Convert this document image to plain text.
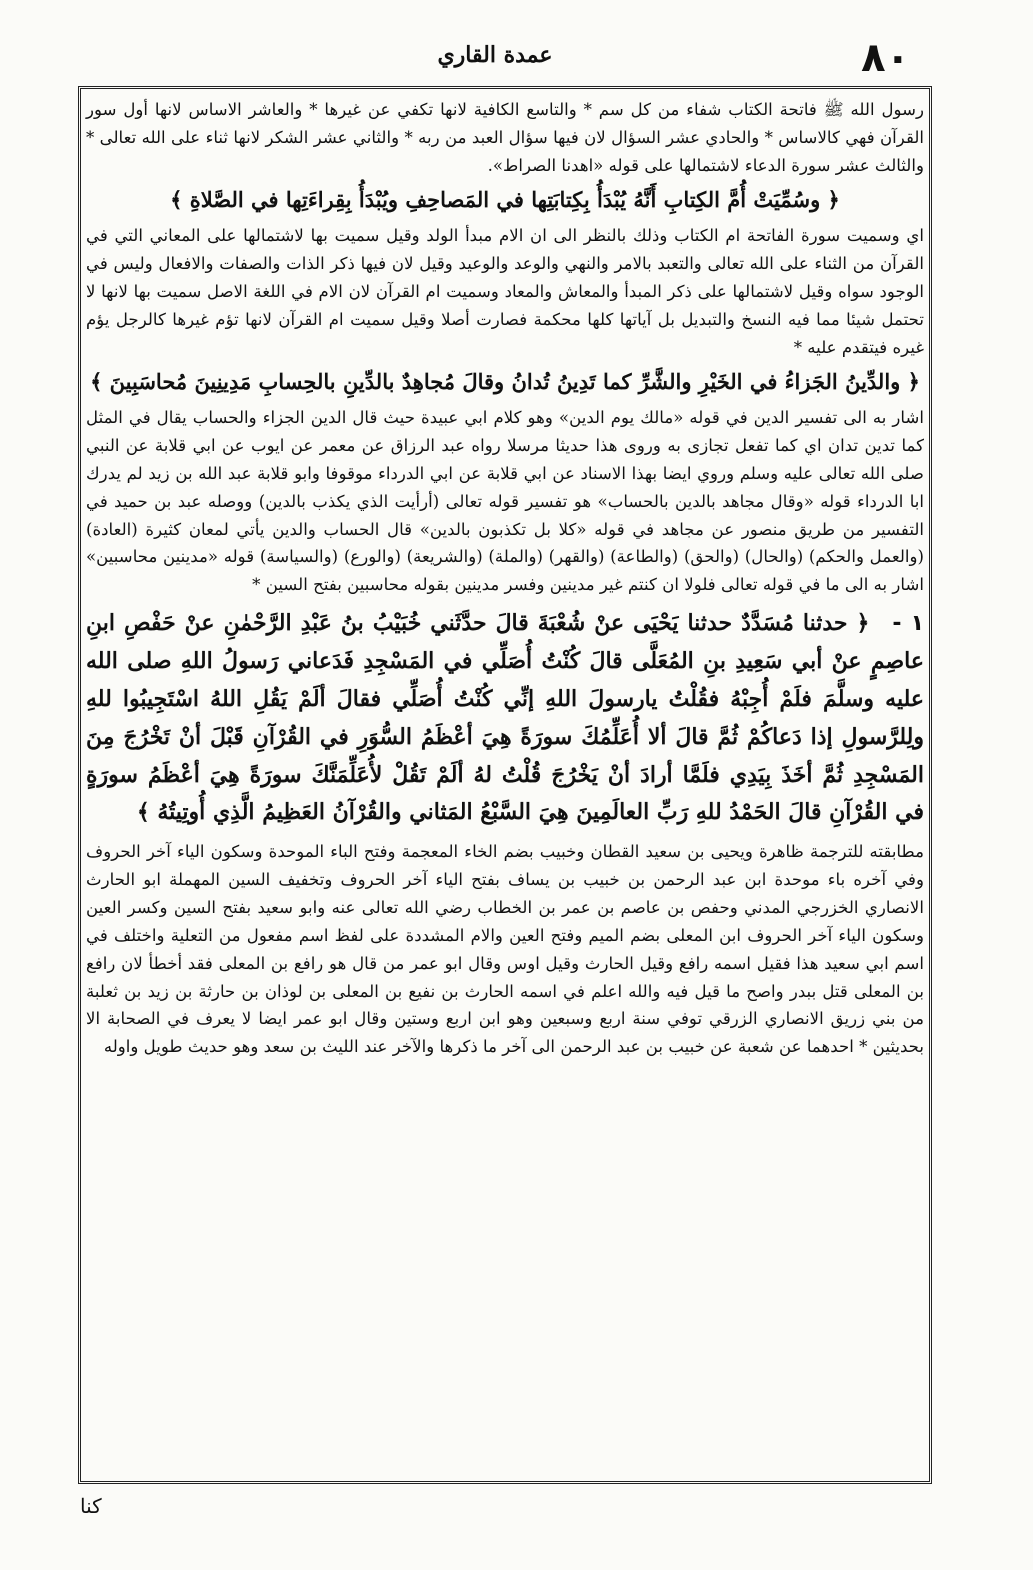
٨٠
عمدة القاري

رسول الله ﷺ فاتحة الكتاب شفاء من كل سم * والتاسع الكافية لانها تكفي عن غيرها * والعاشر الاساس لانها أول سور القرآن فهي كالاساس * والحادي عشر السؤال لان فيها سؤال العبد من ربه * والثاني عشر الشكر لانها ثناء على الله تعالى * والثالث عشر سورة الدعاء لاشتمالها على قوله «اهدنا الصراط».

﴿ وسُمِّيَتْ أُمَّ الكِتابِ أَنَّهُ يُبْدَأُ بِكِتابَتِها في المَصاحِفِ ويُبْدَأُ بِقِراءَتِها في الصَّلاةِ ﴾

اي وسميت سورة الفاتحة ام الكتاب وذلك بالنظر الى ان الام مبدأ الولد وقيل سميت بها لاشتمالها على المعاني التي في القرآن من الثناء على الله تعالى والتعبد بالامر والنهي والوعد والوعيد وقيل لان فيها ذكر الذات والصفات والافعال وليس في الوجود سواه وقيل لاشتمالها على ذكر المبدأ والمعاش والمعاد وسميت ام القرآن لان الام في اللغة الاصل سميت بها لانها لا تحتمل شيئا مما فيه النسخ والتبديل بل آياتها كلها محكمة فصارت أصلا وقيل سميت ام القرآن لانها تؤم غيرها كالرجل يؤم غيره فيتقدم عليه *

﴿ والدِّينُ الجَزاءُ في الخَيْرِ والشَّرِّ كما تَدِينُ تُدانُ وقالَ مُجاهِدٌ بالدِّينِ بالحِسابِ مَدِينِينَ مُحاسَبِينَ ﴾

اشار به الى تفسير الدين في قوله «مالك يوم الدين» وهو كلام ابي عبيدة حيث قال الدين الجزاء والحساب يقال في المثل كما تدين تدان اي كما تفعل تجازى به وروى هذا حديثا مرسلا رواه عبد الرزاق عن معمر عن ايوب عن ابي قلابة عن النبي صلى الله تعالى عليه وسلم وروي ايضا بهذا الاسناد عن ابي قلابة عن ابي الدرداء موقوفا وابو قلابة عبد الله بن زيد لم يدرك ابا الدرداء قوله «وقال مجاهد بالدين بالحساب» هو تفسير قوله تعالى (أرأيت الذي يكذب بالدين) ووصله عبد بن حميد في التفسير من طريق منصور عن مجاهد في قوله «كلا بل تكذبون بالدين» قال الحساب والدين يأتي لمعان كثيرة (العادة) (والعمل والحكم) (والحال) (والحق) (والطاعة) (والقهر) (والملة) (والشريعة) (والورع) (والسياسة) قوله «مدينين محاسبين» اشار به الى ما في قوله تعالى فلولا ان كنتم غير مدينين وفسر مدينين بقوله محاسبين بفتح السين *

١ - ﴿ حدثنا مُسَدَّدٌ حدثنا يَحْيَى عنْ شُعْبَةَ قالَ حدَّثَني خُبَيْبُ بنُ عَبْدِ الرَّحْمٰنِ عنْ حَفْصِ ابنِ عاصِمٍ عنْ أبي سَعِيدِ بنِ المُعَلَّى قالَ كُنْتُ أُصَلِّي في المَسْجِدِ فَدَعاني رَسولُ اللهِ صلى الله عليه وسلَّمَ فلَمْ أُجِبْهُ فقُلْتُ يارسولَ اللهِ إنِّي كُنْتُ أُصَلِّي فقالَ ألَمْ يَقُلِ اللهُ اسْتَجِيبُوا للهِ ولِلرَّسولِ إذا دَعاكُمْ ثُمَّ قالَ ألا أُعَلِّمُكَ سورَةً هِيَ أعْظَمُ السُّوَرِ في القُرْآنِ قَبْلَ أنْ تَخْرُجَ مِنَ المَسْجِدِ ثُمَّ أخَذَ بِيَدِي فلَمَّا أرادَ أنْ يَخْرُجَ قُلْتُ لهُ ألَمْ تَقُلْ لأُعَلِّمَنَّكَ سورَةً هِيَ أعْظَمُ سورَةٍ في القُرْآنِ قالَ الحَمْدُ للهِ رَبِّ العالَمِينَ هِيَ السَّبْعُ المَثاني والقُرْآنُ العَظِيمُ الَّذِي أُوتِيتُهُ ﴾

مطابقته للترجمة ظاهرة ويحيى بن سعيد القطان وخبيب بضم الخاء المعجمة وفتح الباء الموحدة وسكون الياء آخر الحروف وفي آخره باء موحدة ابن عبد الرحمن بن خبيب بن يساف بفتح الياء آخر الحروف وتخفيف السين المهملة ابو الحارث الانصاري الخزرجي المدني وحفص بن عاصم بن عمر بن الخطاب رضي الله تعالى عنه وابو سعيد بفتح السين وكسر العين وسكون الياء آخر الحروف ابن المعلى بضم الميم وفتح العين والام المشددة على لفظ اسم مفعول من التعلية واختلف في اسم ابي سعيد هذا فقيل اسمه رافع وقيل الحارث وقيل اوس وقال ابو عمر من قال هو رافع بن المعلى فقد أخطأ لان رافع بن المعلى قتل ببدر واصح ما قيل فيه والله اعلم في اسمه الحارث بن نفيع بن المعلى بن لوذان بن حارثة بن زيد بن ثعلبة من بني زريق الانصاري الزرقي توفي سنة اربع وسبعين وهو ابن اربع وستين وقال ابو عمر ايضا لا يعرف في الصحابة الا بحديثين * احدهما عن شعبة عن خبيب بن عبد الرحمن الى آخر ما ذكرها والآخر عند الليث بن سعد وهو حديث طويل واوله

كنا
